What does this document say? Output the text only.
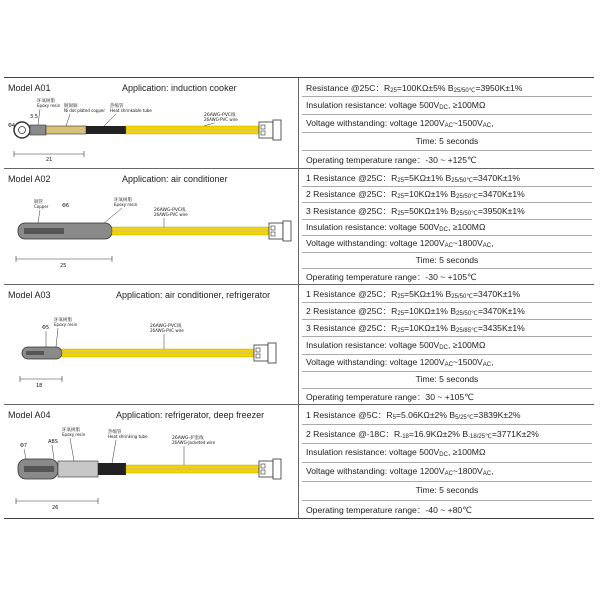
Model A01	Application: induction cooker
Φ4
3.5
环氧树脂
Epoxy resin 镀锡铜
Ni dot plated copper
热缩管
Heat shrinkable tube
26AWG-PVC线
26AWG-PVC wire
21
Resistance @25C：$R_{25}=100K\Omega\pm 5\%$ $B_{25/50℃}=3950K\pm 1\%$
Insulation resistance: voltage $500V_{DC}$, ≥100MΩ
Voltage withstanding: voltage $1200V_{AC}\sim 1500V_{AC}$,
Time: 5 seconds
Operating temperature range：-30 ~ +125℃
Model A02	Application: air conditioner
铜管
Copper	Φ6
环氧树脂
Epoxy resin
26AWG-PVC线
26AWG-PVC wire
25
1 Resistance @25C：$R_{25}=5K\Omega\pm 1\%$ $B_{25/50℃}=3470K\pm 1\%$
2 Resistance @25C：$R_{25}=10K\Omega\pm 1\%$ $B_{25/50℃}=3470K\pm 1\%$
3 Resistance @25C：$R_{25}=50K\Omega\pm 1\%$ $B_{25/50℃}=3950K\pm 1\%$
Insulation resistance: voltage $500V_{DC}$, ≥100MΩ
Voltage withstanding: voltage $1200V_{AC}\sim 1800V_{AC}$,
Time: 5 seconds
Operating temperature range：-30 ~ +105℃
Model A03	Application: air conditioner, refrigerator
Φ5
环氧树脂
Epoxy resin	26AWG-PVC线
26AWG-PVC wire
18
1 Resistance @25C：$R_{25}=5K\Omega\pm 1\%$ $B_{25/50℃}=3470K\pm 1\%$
2 Resistance @25C：$R_{25}=10K\Omega\pm 1\%$ $B_{25/50℃}=3470K\pm 1\%$
3 Resistance @25C：$R_{25}=10K\Omega\pm 1\%$ $B_{25/85℃}=3435K\pm 1\%$
Insulation resistance: voltage $500V_{DC}$, ≥100MΩ
Voltage withstanding: voltage $1200V_{AC}\sim 1500V_{AC}$,
Time: 5 seconds
Operating temperature range：30 ~ +105℃
Model A04	Application: refrigerator, deep freezer
Φ7
ABS
环氧树脂
Epoxy resin	热缩管
Heat shrinking tube	26AWG-护套线
26AWG-Jacketed wire
26
1 Resistance @5C：$R_5=5.06K\Omega\pm 2\%$ $B_{5/25℃}=3839K\pm 2\%$
2 Resistance @-18C：$R_{-18}=16.9K\Omega\pm 2\%$ $B_{-18/25℃}=3771K\pm 2\%$
Insulation resistance: voltage $500V_{DC}$, ≥100MΩ
Voltage withstanding: voltage $1200V_{AC}\sim 1800V_{AC}$,
Time: 5 seconds
Operating temperature range：-40 ~ +80℃
